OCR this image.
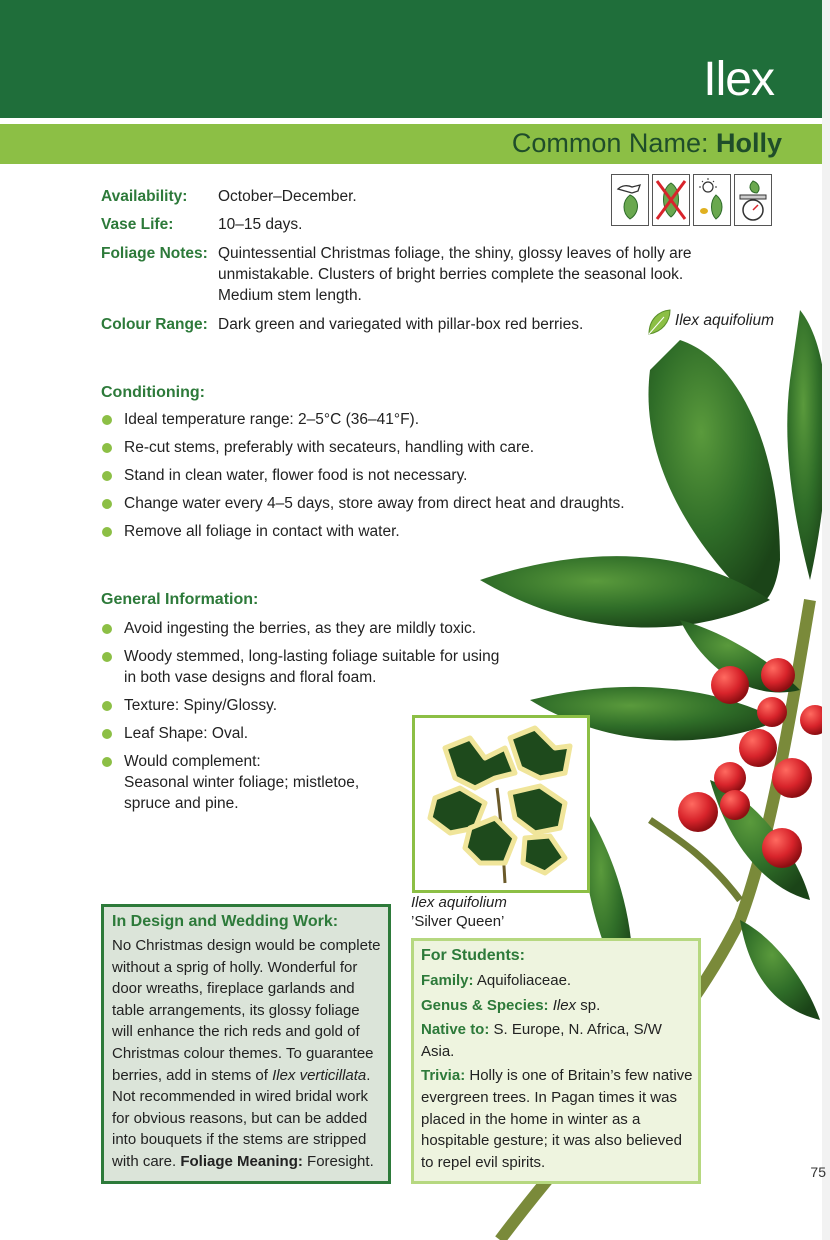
Ilex
Common Name: Holly
Availability: October–December.
Vase Life:	10–15 days.
Foliage Notes: Quintessential Christmas foliage, the shiny, glossy leaves of holly are unmistakable. Clusters of bright berries complete the seasonal look. Medium stem length.
Colour Range: Dark green and variegated with pillar-box red berries.	Ilex aquifolium
Conditioning:
Ideal temperature range: 2–5°C (36–41°F).
Re-cut stems, preferably with secateurs, handling with care.
Stand in clean water, flower food is not necessary.
Change water every 4–5 days, store away from direct heat and draughts.
Remove all foliage in contact with water.
General Information:
Avoid ingesting the berries, as they are mildly toxic.
Woody stemmed, long-lasting foliage suitable for using in both vase designs and floral foam.
Texture: Spiny/Glossy.
Leaf Shape: Oval.
Would complement:
Seasonal winter foliage; mistletoe, spruce and pine.
Ilex aquifolium
’Silver Queen’
In Design and Wedding Work:
No Christmas design would be complete without a sprig of holly. Wonderful for door wreaths, fireplace garlands and table arrangements, its glossy foliage will enhance the rich reds and gold of Christmas colour themes. To guarantee berries, add in stems of Ilex verticillata. Not recommended in wired bridal work for obvious reasons, but can be added into bouquets if the stems are stripped with care. Foliage Meaning: Foresight.
For Students:
Family: Aquifoliaceae.
Genus & Species: Ilex sp.
Native to: S. Europe, N. Africa, S/W Asia.
Trivia: Holly is one of Britain’s few native evergreen trees. In Pagan times it was placed in the home in winter as a hospitable gesture; it was also believed to repel evil spirits.
75
